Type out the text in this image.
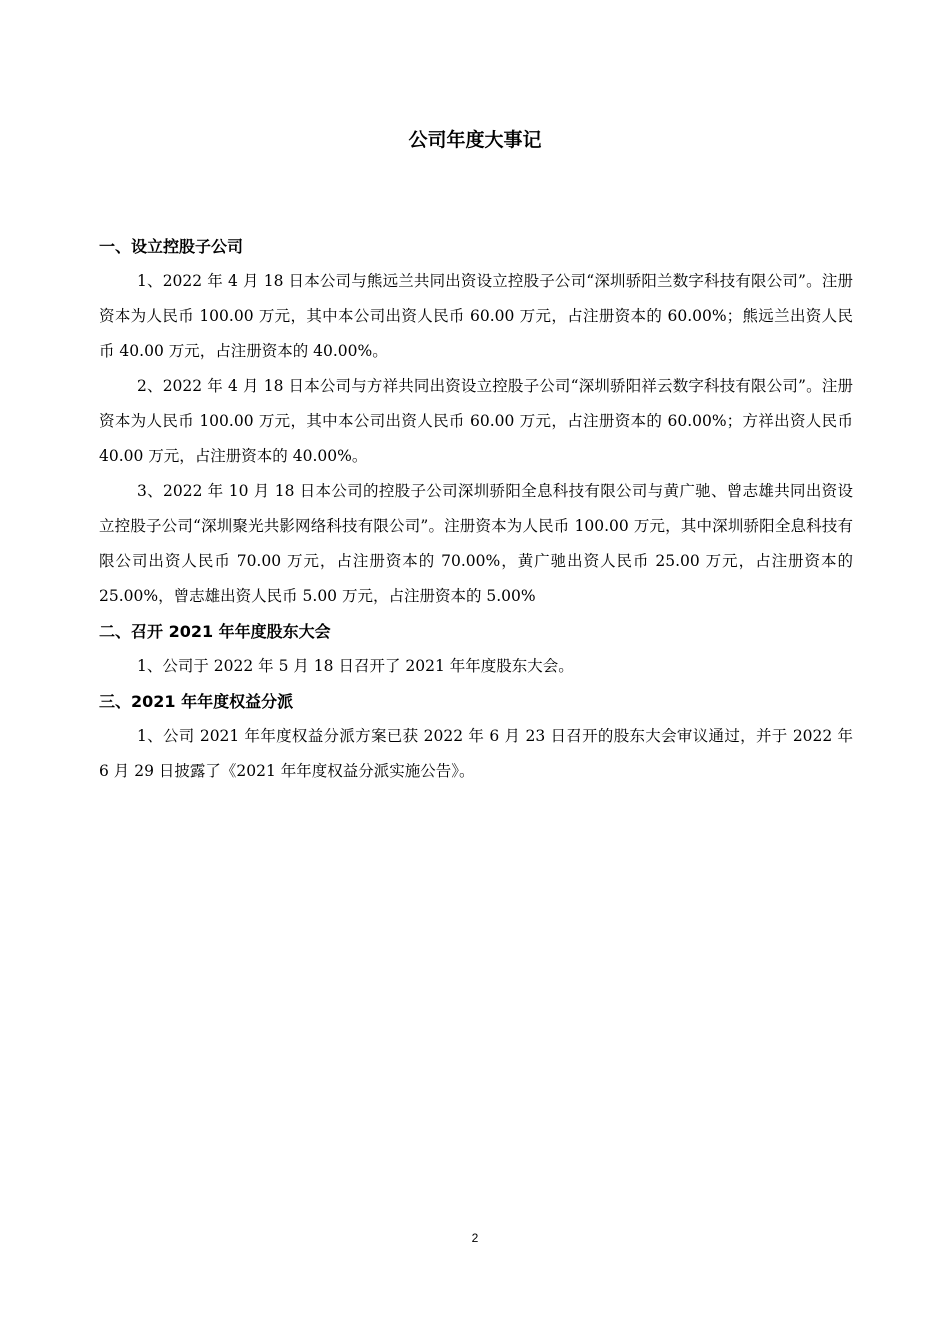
公司年度大事记
一、设立控股子公司

1、2022 年 4 月 18 日本公司与熊远兰共同出资设立控股子公司“深圳骄阳兰数字科技有限公司”。注册资本为人民币 100.00 万元，其中本公司出资人民币 60.00 万元，占注册资本的 60.00%；熊远兰出资人民币 40.00 万元，占注册资本的 40.00%。

2、2022 年 4 月 18 日本公司与方祥共同出资设立控股子公司“深圳骄阳祥云数字科技有限公司”。注册资本为人民币 100.00 万元，其中本公司出资人民币 60.00 万元，占注册资本的 60.00%；方祥出资人民币 40.00 万元，占注册资本的 40.00%。

3、2022 年 10 月 18 日本公司的控股子公司深圳骄阳全息科技有限公司与黄广驰、曾志雄共同出资设立控股子公司“深圳聚光共影网络科技有限公司”。注册资本为人民币 100.00 万元，其中深圳骄阳全息科技有限公司出资人民币 70.00 万元，占注册资本的 70.00%，黄广驰出资人民币 25.00 万元，占注册资本的 25.00%，曾志雄出资人民币 5.00 万元，占注册资本的 5.00%

二、召开 2021 年年度股东大会

1、公司于 2022 年 5 月 18 日召开了 2021 年年度股东大会。

三、2021 年年度权益分派

1、公司 2021 年年度权益分派方案已获 2022 年 6 月 23 日召开的股东大会审议通过，并于 2022 年 6 月 29 日披露了《2021 年年度权益分派实施公告》。

2
